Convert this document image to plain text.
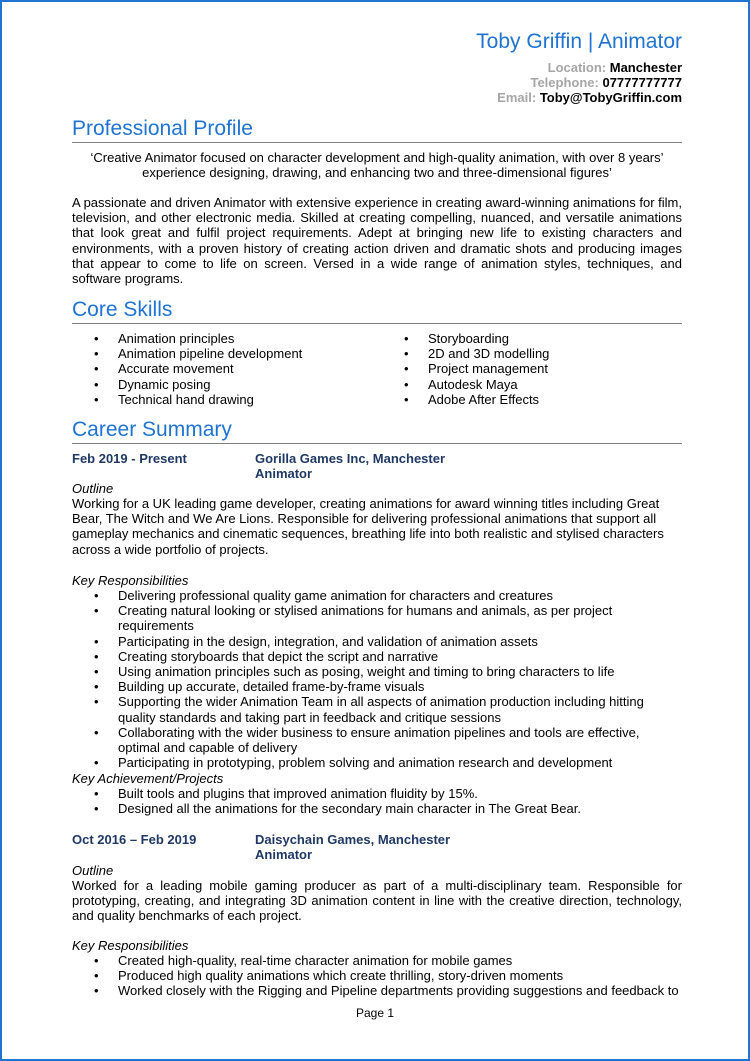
Toby Griffin | Animator
Location: Manchester
Telephone: 07777777777
Email: Toby@TobyGriffin.com
Professional Profile
‘Creative Animator focused on character development and high-quality animation, with over 8 years’ experience designing, drawing, and enhancing two and three-dimensional figures’
A passionate and driven Animator with extensive experience in creating award-winning animations for film, television, and other electronic media. Skilled at creating compelling, nuanced, and versatile animations that look great and fulfil project requirements. Adept at bringing new life to existing characters and environments, with a proven history of creating action driven and dramatic shots and producing images that appear to come to life on screen. Versed in a wide range of animation styles, techniques, and software programs.
Core Skills
• Animation principles
• Animation pipeline development
• Accurate movement
• Dynamic posing
• Technical hand drawing
• Storyboarding
• 2D and 3D modelling
• Project management
• Autodesk Maya
• Adobe After Effects
Career Summary
Feb 2019 - Present	Gorilla Games Inc, Manchester
Animator
Outline
Working for a UK leading game developer, creating animations for award winning titles including Great Bear, The Witch and We Are Lions. Responsible for delivering professional animations that support all gameplay mechanics and cinematic sequences, breathing life into both realistic and stylised characters across a wide portfolio of projects.
Key Responsibilities
• Delivering professional quality game animation for characters and creatures
• Creating natural looking or stylised animations for humans and animals, as per project requirements
• Participating in the design, integration, and validation of animation assets
• Creating storyboards that depict the script and narrative
• Using animation principles such as posing, weight and timing to bring characters to life
• Building up accurate, detailed frame-by-frame visuals
• Supporting the wider Animation Team in all aspects of animation production including hitting quality standards and taking part in feedback and critique sessions
• Collaborating with the wider business to ensure animation pipelines and tools are effective, optimal and capable of delivery
• Participating in prototyping, problem solving and animation research and development
Key Achievement/Projects
• Built tools and plugins that improved animation fluidity by 15%.
• Designed all the animations for the secondary main character in The Great Bear.
Oct 2016 – Feb 2019	Daisychain Games, Manchester
Animator
Outline
Worked for a leading mobile gaming producer as part of a multi-disciplinary team. Responsible for prototyping, creating, and integrating 3D animation content in line with the creative direction, technology, and quality benchmarks of each project.
Key Responsibilities
• Created high-quality, real-time character animation for mobile games
• Produced high quality animations which create thrilling, story-driven moments
• Worked closely with the Rigging and Pipeline departments providing suggestions and feedback to
Page 1
